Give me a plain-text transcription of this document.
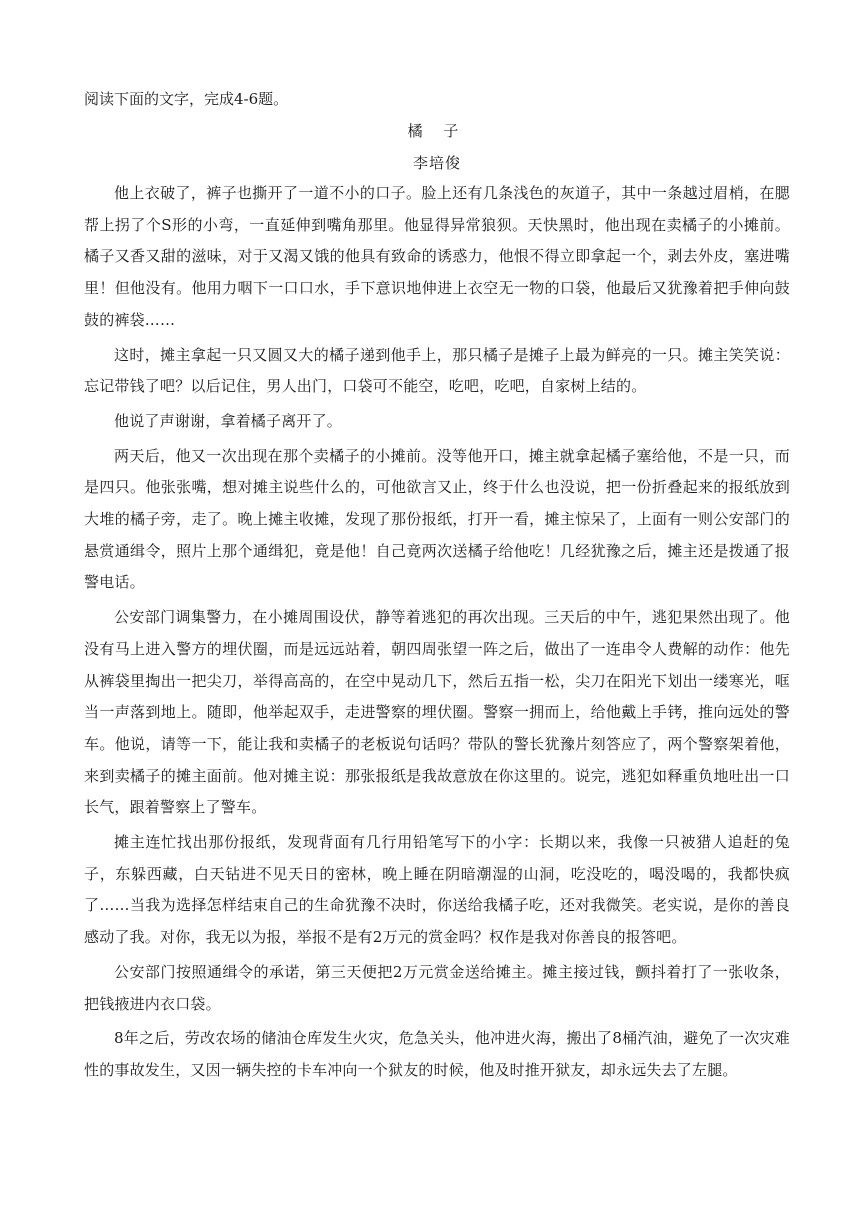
阅读下面的文字，完成4-6题。

橘 子

李培俊

他上衣破了，裤子也撕开了一道不小的口子。脸上还有几条浅色的灰道子，其中一条越过眉梢，在腮帮上拐了个S形的小弯，一直延伸到嘴角那里。他显得异常狼狈。天快黑时，他出现在卖橘子的小摊前。橘子又香又甜的滋味，对于又渴又饿的他具有致命的诱惑力，他恨不得立即拿起一个，剥去外皮，塞进嘴里！但他没有。他用力咽下一口口水，手下意识地伸进上衣空无一物的口袋，他最后又犹豫着把手伸向鼓鼓的裤袋……

这时，摊主拿起一只又圆又大的橘子递到他手上，那只橘子是摊子上最为鲜亮的一只。摊主笑笑说：忘记带钱了吧？以后记住，男人出门，口袋可不能空，吃吧，吃吧，自家树上结的。

他说了声谢谢，拿着橘子离开了。

两天后，他又一次出现在那个卖橘子的小摊前。没等他开口，摊主就拿起橘子塞给他，不是一只，而是四只。他张张嘴，想对摊主说些什么的，可他欲言又止，终于什么也没说，把一份折叠起来的报纸放到大堆的橘子旁，走了。晚上摊主收摊，发现了那份报纸，打开一看，摊主惊呆了，上面有一则公安部门的悬赏通缉令，照片上那个通缉犯，竟是他！自己竟两次送橘子给他吃！几经犹豫之后，摊主还是拨通了报警电话。

公安部门调集警力，在小摊周围设伏，静等着逃犯的再次出现。三天后的中午，逃犯果然出现了。他没有马上进入警方的埋伏圈，而是远远站着，朝四周张望一阵之后，做出了一连串令人费解的动作：他先从裤袋里掏出一把尖刀，举得高高的，在空中晃动几下，然后五指一松，尖刀在阳光下划出一缕寒光，哐当一声落到地上。随即，他举起双手，走进警察的埋伏圈。警察一拥而上，给他戴上手铐，推向远处的警车。他说，请等一下，能让我和卖橘子的老板说句话吗？带队的警长犹豫片刻答应了，两个警察架着他，来到卖橘子的摊主面前。他对摊主说：那张报纸是我故意放在你这里的。说完，逃犯如释重负地吐出一口长气，跟着警察上了警车。

摊主连忙找出那份报纸，发现背面有几行用铅笔写下的小字：长期以来，我像一只被猎人追赶的兔子，东躲西藏，白天钻进不见天日的密林，晚上睡在阴暗潮湿的山洞，吃没吃的，喝没喝的，我都快疯了……当我为选择怎样结束自己的生命犹豫不决时，你送给我橘子吃，还对我微笑。老实说，是你的善良感动了我。对你，我无以为报，举报不是有2万元的赏金吗？权作是我对你善良的报答吧。

公安部门按照通缉令的承诺，第三天便把2万元赏金送给摊主。摊主接过钱，颤抖着打了一张收条，把钱掖进内衣口袋。

8年之后，劳改农场的储油仓库发生火灾，危急关头，他冲进火海，搬出了8桶汽油，避免了一次灾难性的事故发生，又因一辆失控的卡车冲向一个狱友的时候，他及时推开狱友，却永远失去了左腿。
